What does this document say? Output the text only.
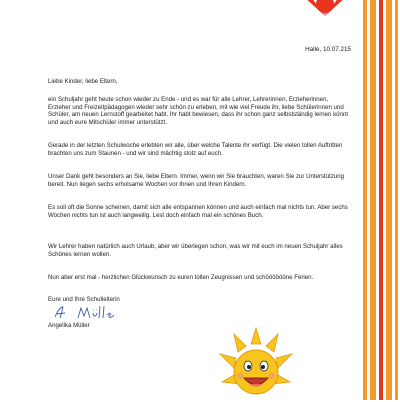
Halle, 10.07.215
Liebe Kinder, liebe Eltern,

ein Schuljahr geht heute schon wieder zu Ende - und es war für alle Lehrer, Lehrerinnen, Erzieherinnen, Erzieher und Freizeitpädagogen wieder sehr schön zu erleben, mit wie viel Freude ihr, liebe Schülerinnen und Schüler, am neuen Lernstoff gearbeitet habt. Ihr habt bewiesen, dass ihr schon ganz selbstständig lernen könnt und auch eure Mitschüler immer unterstützt.

Gerade in der letzten Schulwoche erlebten wir alle, über welche Talente ihr verfügt. Die vielen tollen Auftritten brachten uns zum Staunen - und wir sind mächtig stolz auf euch.

Unser Dank geht besonders an Sie, liebe Eltern. Immer, wenn wir Sie brauchten, waren Sie zur Unterstützung bereit. Nun liegen sechs erholsame Wochen vor Ihnen und Ihren Kindern.

Es soll oft die Sonne scheinen, damit sich alle entspannen können und auch einfach mal nichts tun. Aber sechs Wochen nichts tun ist auch langweilig. Lest doch einfach mal ein schönes Buch.

Wir Lehrer haben natürlich auch Urlaub, aber wir überlegen schon, was wir mit euch im neuen Schuljahr alles Schönes lernen wollen.

Nun aber erst mal - herzlichen Glückwunsch zu euren tollen Zeugnissen und schööööööne Ferien.

Eure und Ihre Schulleiterin
Angelika Müller
